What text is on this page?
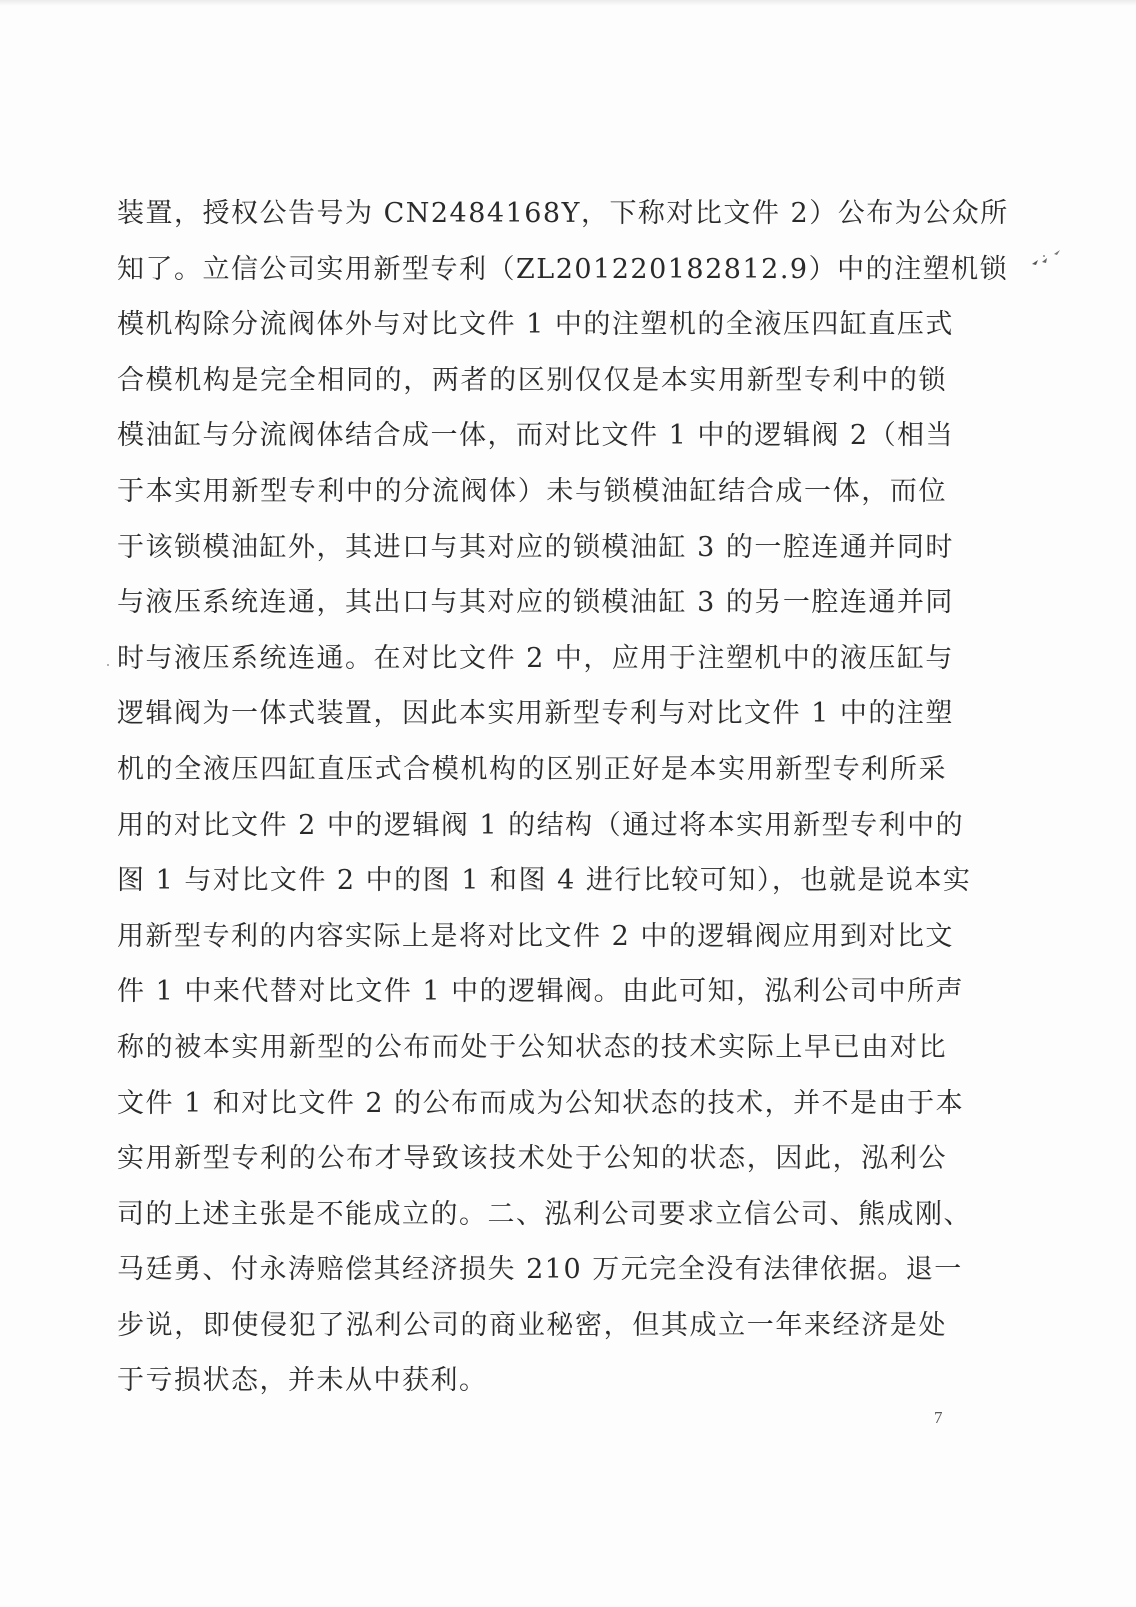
装置，授权公告号为 CN2484168Y，下称对比文件 2）公布为公众所
知了。立信公司实用新型专利（ZL201220182812.9）中的注塑机锁
模机构除分流阀体外与对比文件 1 中的注塑机的全液压四缸直压式
合模机构是完全相同的，两者的区别仅仅是本实用新型专利中的锁
模油缸与分流阀体结合成一体，而对比文件 1 中的逻辑阀 2（相当
于本实用新型专利中的分流阀体）未与锁模油缸结合成一体，而位
于该锁模油缸外，其进口与其对应的锁模油缸 3 的一腔连通并同时
与液压系统连通，其出口与其对应的锁模油缸 3 的另一腔连通并同
时与液压系统连通。在对比文件 2 中，应用于注塑机中的液压缸与
逻辑阀为一体式装置，因此本实用新型专利与对比文件 1 中的注塑
机的全液压四缸直压式合模机构的区别正好是本实用新型专利所采
用的对比文件 2 中的逻辑阀 1 的结构（通过将本实用新型专利中的
图 1 与对比文件 2 中的图 1 和图 4 进行比较可知），也就是说本实
用新型专利的内容实际上是将对比文件 2 中的逻辑阀应用到对比文
件 1 中来代替对比文件 1 中的逻辑阀。由此可知，泓利公司中所声
称的被本实用新型的公布而处于公知状态的技术实际上早已由对比
文件 1 和对比文件 2 的公布而成为公知状态的技术，并不是由于本
实用新型专利的公布才导致该技术处于公知的状态，因此，泓利公
司的上述主张是不能成立的。二、泓利公司要求立信公司、熊成刚、
马廷勇、付永涛赔偿其经济损失 210 万元完全没有法律依据。退一
步说，即使侵犯了泓利公司的商业秘密，但其成立一年来经济是处
于亏损状态，并未从中获利。
7
